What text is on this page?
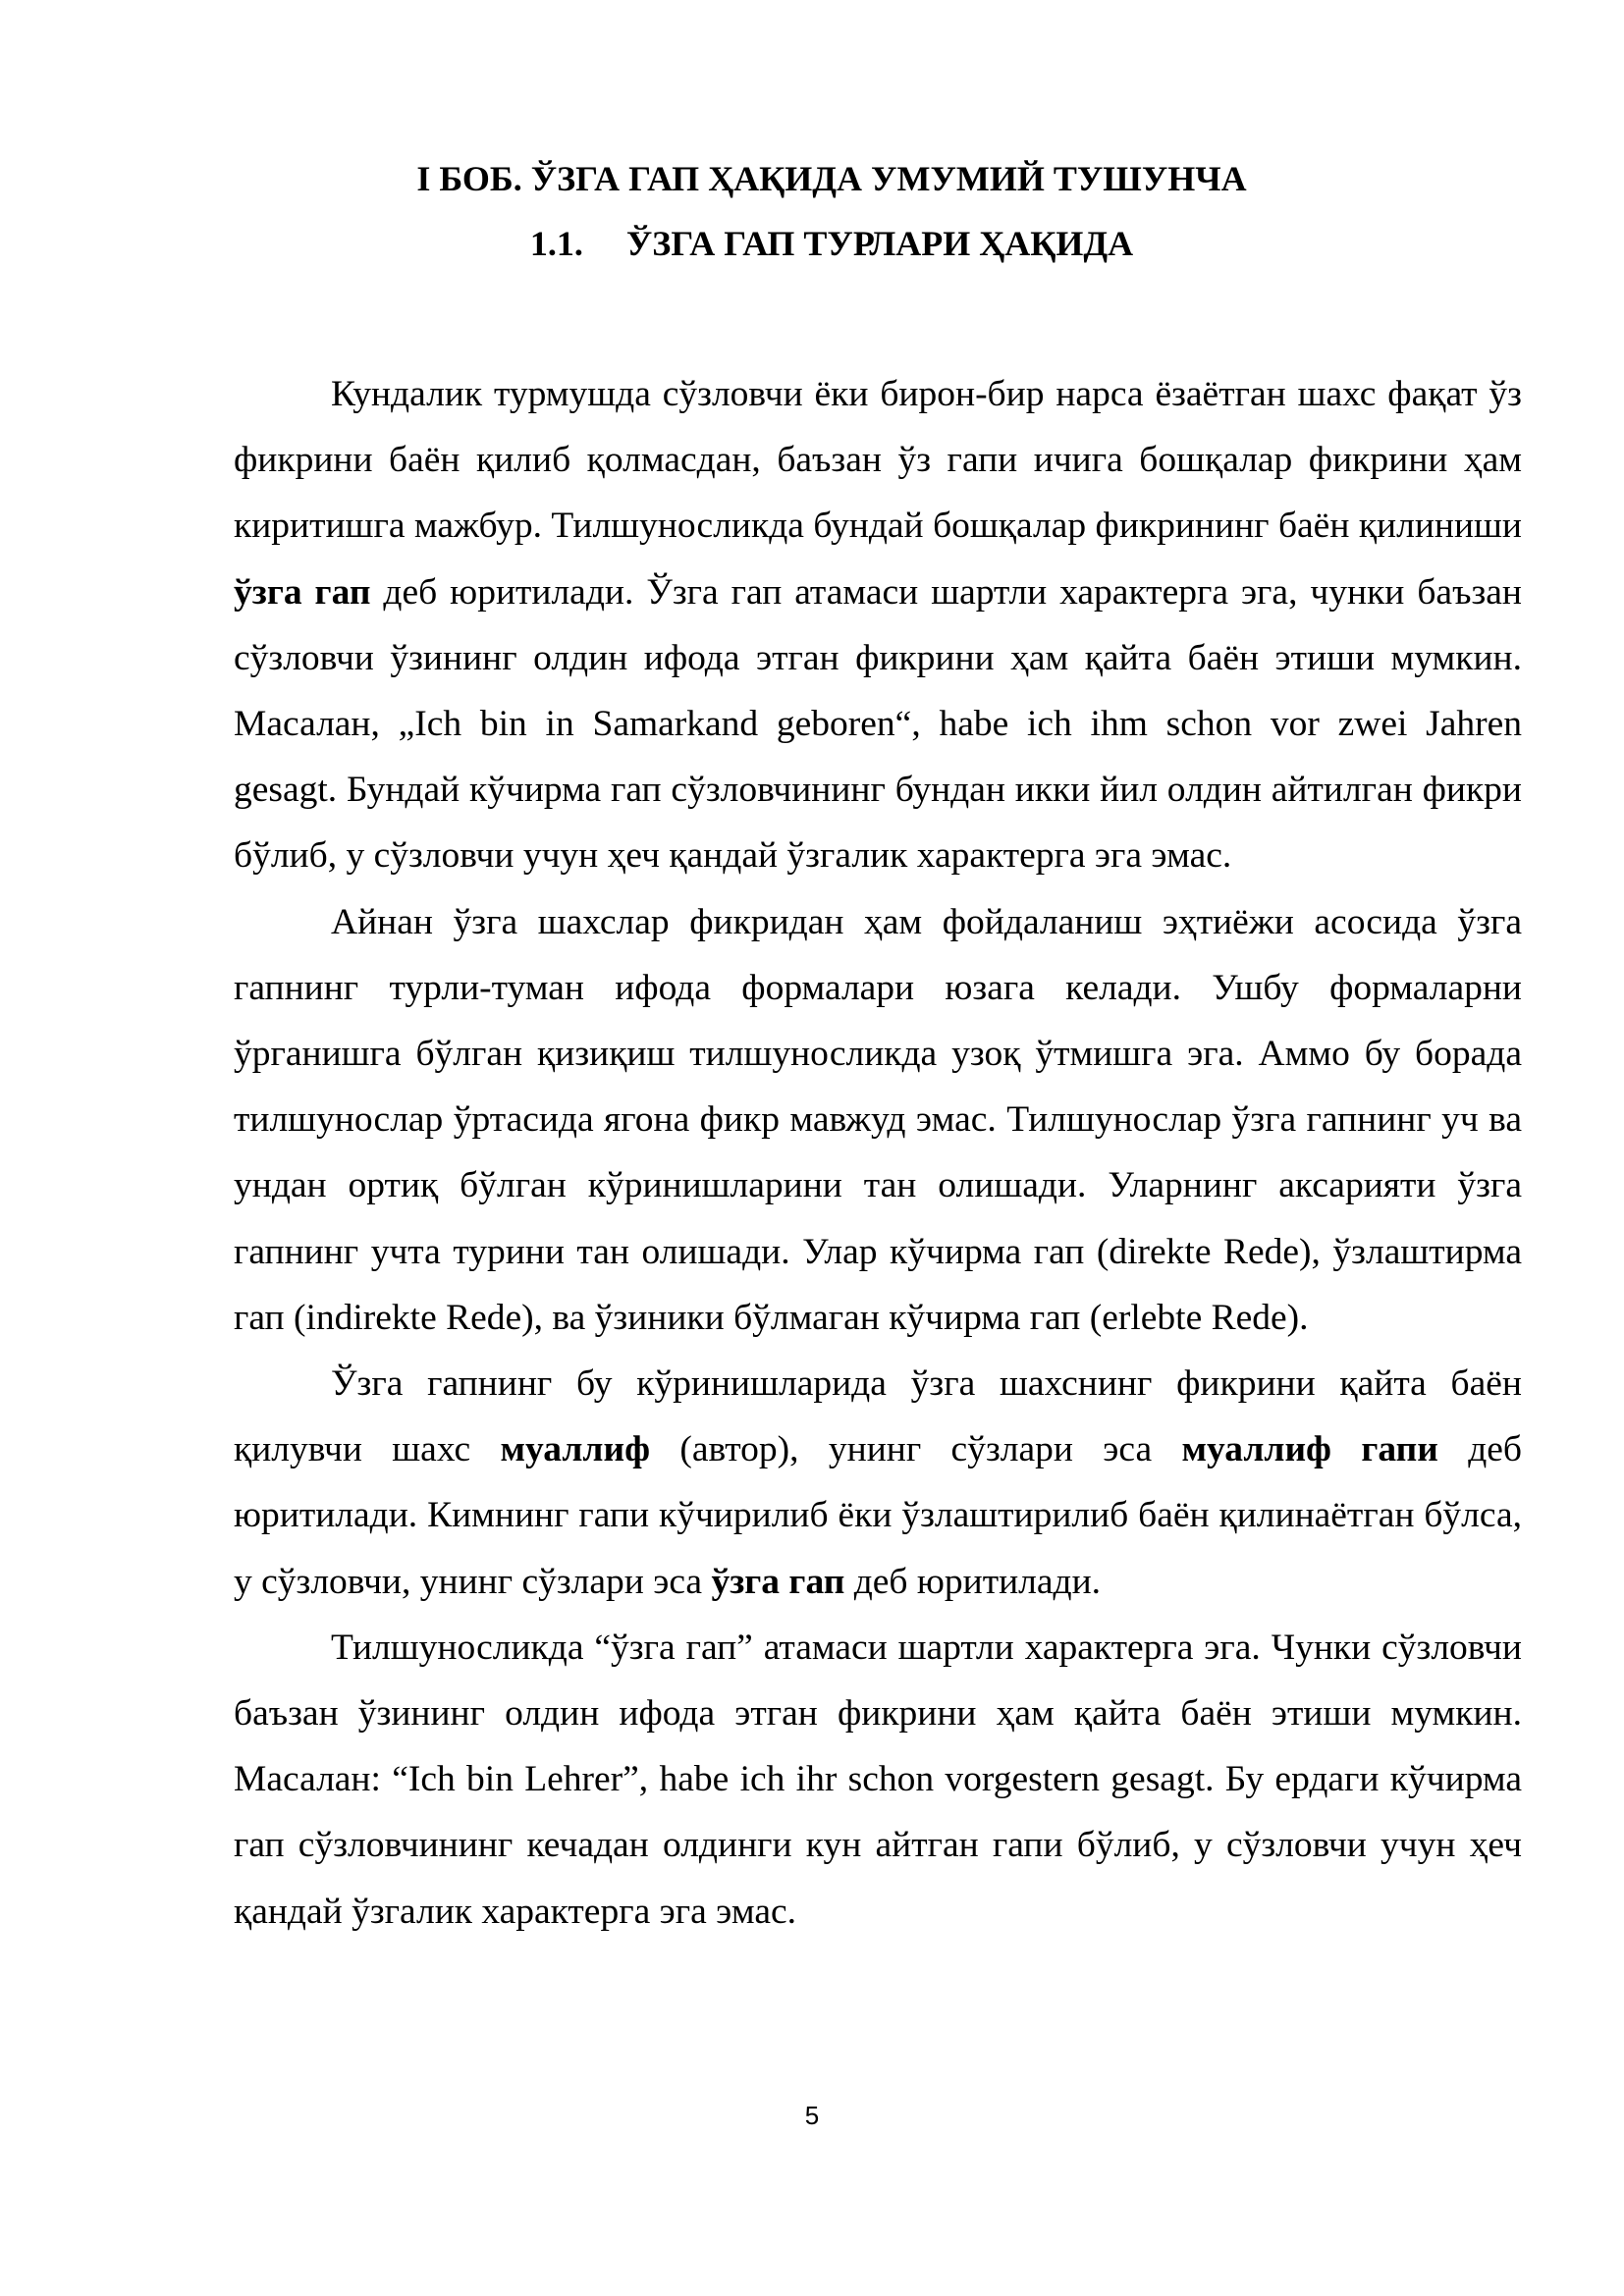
I БОБ. ЎЗГА ГАП ҲАҚИДА УМУМИЙ ТУШУНЧА
1.1. ЎЗГА ГАП ТУРЛАРИ ҲАҚИДА

Кундалик турмушда сўзловчи ёки бирон-бир нарса ёзаётган шахс фақат ўз фикрини баён қилиб қолмасдан, баъзан ўз гапи ичига бошқалар фикрини ҳам киритишга мажбур. Тилшуносликда бундай бошқалар фикрининг баён қилиниши ўзга гап деб юритилади. Ўзга гап атамаси шартли характерга эга, чунки баъзан сўзловчи ўзининг олдин ифода этган фикрини ҳам қайта баён этиши мумкин. Масалан, „Ich bin in Samarkand geboren“, habe ich ihm schon vor zwei Jahren gesagt. Бундай кўчирма гап сўзловчининг бундан икки йил олдин айтилган фикри бўлиб, у сўзловчи учун ҳеч қандай ўзгалик характерга эга эмас.

Айнан ўзга шахслар фикридан ҳам фойдаланиш эҳтиёжи асосида ўзга гапнинг турли-туман ифода формалари юзага келади. Ушбу формаларни ўрганишга бўлган қизиқиш тилшуносликда узоқ ўтмишга эга. Аммо бу борада тилшунослар ўртасида ягона фикр мавжуд эмас. Тилшунослар ўзга гапнинг уч ва ундан ортиқ бўлган кўринишларини тан олишади. Уларнинг аксарияти ўзга гапнинг учта турини тан олишади. Улар кўчирма гап (direkte Rede), ўзлаштирма гап (indirekte Rede), ва ўзиники бўлмаган кўчирма гап (erlebte Rede).

Ўзга гапнинг бу кўринишларида ўзга шахснинг фикрини қайта баён қилувчи шахс муаллиф (автор), унинг сўзлари эса муаллиф гапи деб юритилади. Кимнинг гапи кўчирилиб ёки ўзлаштирилиб баён қилинаётган бўлса, у сўзловчи, унинг сўзлари эса ўзга гап деб юритилади.

Тилшуносликда “ўзга гап” атамаси шартли характерга эга. Чунки сўзловчи баъзан ўзининг олдин ифода этган фикрини ҳам қайта баён этиши мумкин. Масалан: “Ich bin Lehrer”, habe ich ihr schon vorgestern gesagt. Бу ердаги кўчирма гап сўзловчининг кечадан олдинги кун айтган гапи бўлиб, у сўзловчи учун ҳеч қандай ўзгалик характерга эга эмас.

5
